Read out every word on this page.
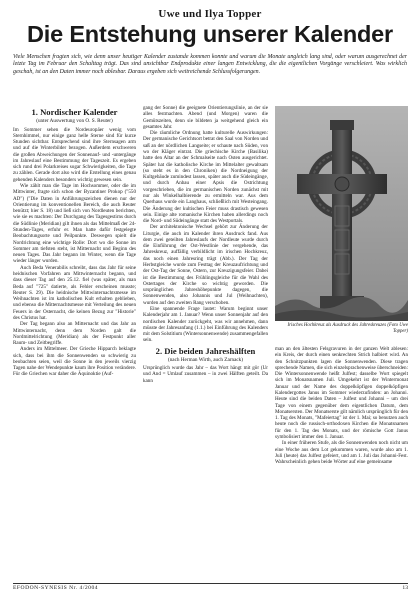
Uwe und Ilya Topper
Die Entstehung unserer Kalender

Viele Menschen fragten sich, wie denn unser heutiger Kalender zustande kommen konnte und warum die Monate ungleich lang sind, oder warum ausgerechnet der letzte Tag im Februar den Schalttag trägt. Das sind unsichtbar Endprodukte einer langen Entwicklung, die die eigentlichen Vorgänge verschleiert. Was wirklich geschah, ist an den Daten immer noch ablesbar. Daraus ergeben sich weitreichende Schlussfolgerungen.

1. Nordischer Kalender
(unter Auswertung von O. S. Reuter)

Im Sommer sehen die Nordeuropäer wenig vom Sternhimmel, nur einige ganz helle Sterne sind für kurze Stunden sichtbar. Entsprechend sind ihre Sternsagen arm und auf die Winterbilder bezogen. Außerdem erschweren die großen Abweichungen der Sonnenauf- und -untergänge im Jahreslauf eine Bestimmung der Tageszeit. Es ergeben sich rund drei Polarkreises sogar Schwierigkeiten, die Tage zu zählen. Gerade dort also wird die Erstellung eines genau gehenden Kalenders besonders wichtig gewesen sein.

Wie zählt man die Tage im Hochsommer, oder die im Mittwinter, fragte sich schon der Byzantiner Prokop ("550 AD") ("Die Daten in Anführungszeichen dienen nur der Orientierung im konventionellen Bereich, die auch Reuter benützt; hier S. 18) und ließ sich von Nordleuten berichten, wie sie es machten: Der Durchgang des Tagesgestirns durch die Südlinie (Meridian) gilt ihnen als das Mittelmaß der 24-Stunden-Tages, erfuhr er. Man hatte dafür festgelegte Beobachtungsorte und Peilpunkte. Deswegen spielt die Nordrichtung eine wichtige Rolle: Dort wo die Sonne im Sommer am tiefsten steht, ist Mitternacht und Beginn des neuen Tages. Das Jahr begann im Winter, wenn die Tage wieder länger wurden.

Auch Beda Venerabilis schreibt, dass das Jahr für seine heidnischen Vorfahren am Mittwinternacht begann, und dass dieser Tag auf den 25.12. fiel (was später, als man Beda auf "725" datierte, als Fehler erscheinen musste; Reuter S. 29). Die heidnische Mittwinternachtsmesse im Weihnachten ist im katholischen Kult erhalten geblieben, und ebenso die Mitternachtsmesse mit Verteilung des neuen Feuers in der Osternacht, die keinen Bezug zur "Historie" des Christus hat.

Der Tag begann also an Mitternacht und das Jahr an Mittwinternacht, denn dem Norden galt die Nordmittelrichtung (Meridian) als der Festpunkt aller Raum- und Zeitbegriffe.

Anders im Mittelmeer. Der Grieche Hipparch beklagte sich, dass bei ihm die Sonnenwenden so schwierig zu beobachten seien, weil die Sonne in den jeweils vierzig Tagen nahe der Wendepunkte kaum ihre Position verändere. Für die Griechen war daher die Äquinoktie (Auf-

gang der Sonne) die geeignete Orientierungslinie, an der sie alles festmachten. Abend (und Morgen) waren die Gemütszeiten, denn sie bildeten ja weitgehend gleich ein gesamtes Jahr.

Die räumliche Ordnung hatte kulturelle Auswirkungen: Der germanische Gerichtsort betrat den Saal von Norden und saß an der nördlichen Langseite; er schaute nach Süden, von wo der Kläger eintrat. Die griechische Kirche (Basilika) hatte den Altar an der Schmalseite nach Osten ausgerichtet. Später hat die katholische Kirche im Mittelalter gewaltsam (so steht es in den Chroniken) die Nordneigung der Kultgebäude zumindest lassen, später auch die Südeingänge, und durch Anbau einer Apsis die Ostrichtung vorgeschrieben, die im germanischen Norden zunächst mit nur als Winkelhalbierende zu ermitteln war. Aus dem Querhaus wurde ein Langhaus, schließlich mit Westeingang. Die Änderung der kultischen Feier muss drastisch gewesen sein. Einige alte romanische Kirchen haben allerdings noch die Nord- und Südeingänge statt des Westportals.

Der architektonische Wechsel gehört zur Änderung der Liturgie, die auch im Kalender ihren Ausdruck fand. Aus dem zwei geteilten Jahreslaufs der Nordleute wurde durch die Einführung der Ost-Westlinie der vergehende, das Jahreskreuz, auffällig verbildlicht im irischen Hochkreuz, das noch einen Jahresring trägt (Abb.). Der Tag der Herbstgleiche wurde zum Festtag der Kreuzaufrichtung und der Ost-Tag der Sonne, Ostern, zur Kreuzigungsfeier. Dabei ist die Bestimmung des Frühlingsgleiche für die Wahl des Ostertages der Kirche so wichtig geworden. Die ursprünglichen Jahreshöhepunkte dagegen, die Sonnenwenden, also Johannis und Jul (Weihnachten), wurden auf den zweiten Rang verschoben.

Eine spannende Frage lautet: Warum beginnt unser Kalenderjahr am 1. Januar? Wenn unser Sonnenjahr auf den nordischen Kalender zurückgeht, was wir annehmen, dann müsste der Jahresanfang (1.1.) bei Einführung des Kalenders mit dem Solstitium (Wintersonnenwende) zusammengefallen sein.

2. Die beiden Jahreshälften
(nach Herman Wirth, auch Zarnack)

Ursprünglich wurde das Jahr – das Wort hängt mit gör (Ur und And = Umlauf zusammen – in zwei Hälften geteilt. Da kann

Irisches Hochkreuz als Ausdruck des Jahreskreuzes (Foto Uwe Topper)

man an den ältesten Felsgravuren in der ganzen Welt ablesen: ein Kreis, der durch einen senkrechten Strich halbiert wird. An den Schnitzpunkten lagen die Sonnenwenden. Diese tragen sprechende Namen, die sich einzelsprachenweise überschneiden: Die Wintersonnenwende heißt Julfest; dasselbe Wort spiegelt sich im Monatsnamen Juli. Umgekehrt ist der Wintermonat Januar und der Name des doppelköpfigen doppelköpfigen Kalendergottes Janus im Sommer wiederzufinden: an Johanni. Heute sind die beiden Daten – Julfest und Johanni – um drei Tage von einem gegenüber dem eigentlichen Datum, dem Monatsersten. Der Monatserste gilt nämlich ursprünglich für den 1. Tag des Monats, "Mafeiertag" ist der 1. Mai; so benutzen auch heute noch die russisch-orthodoxen Kirchen die Monatsnamen für den 1. Tag des Monats, und der römische Gott Janus symbolisiert immer den 1. Januar.

In einer früheren Stufe, als die Sonnenwenden noch nicht um eine Woche aus dem Lot gekommen waren, wurde also am 1. Juli (heute) das Julfest gefeiert, und am 1. Juli das Johanni-Fest. Wahrscheinlich gehen beide Wörter auf eine gemeinsame

EFODON-SYNESIS Nr. 4/2004	13
